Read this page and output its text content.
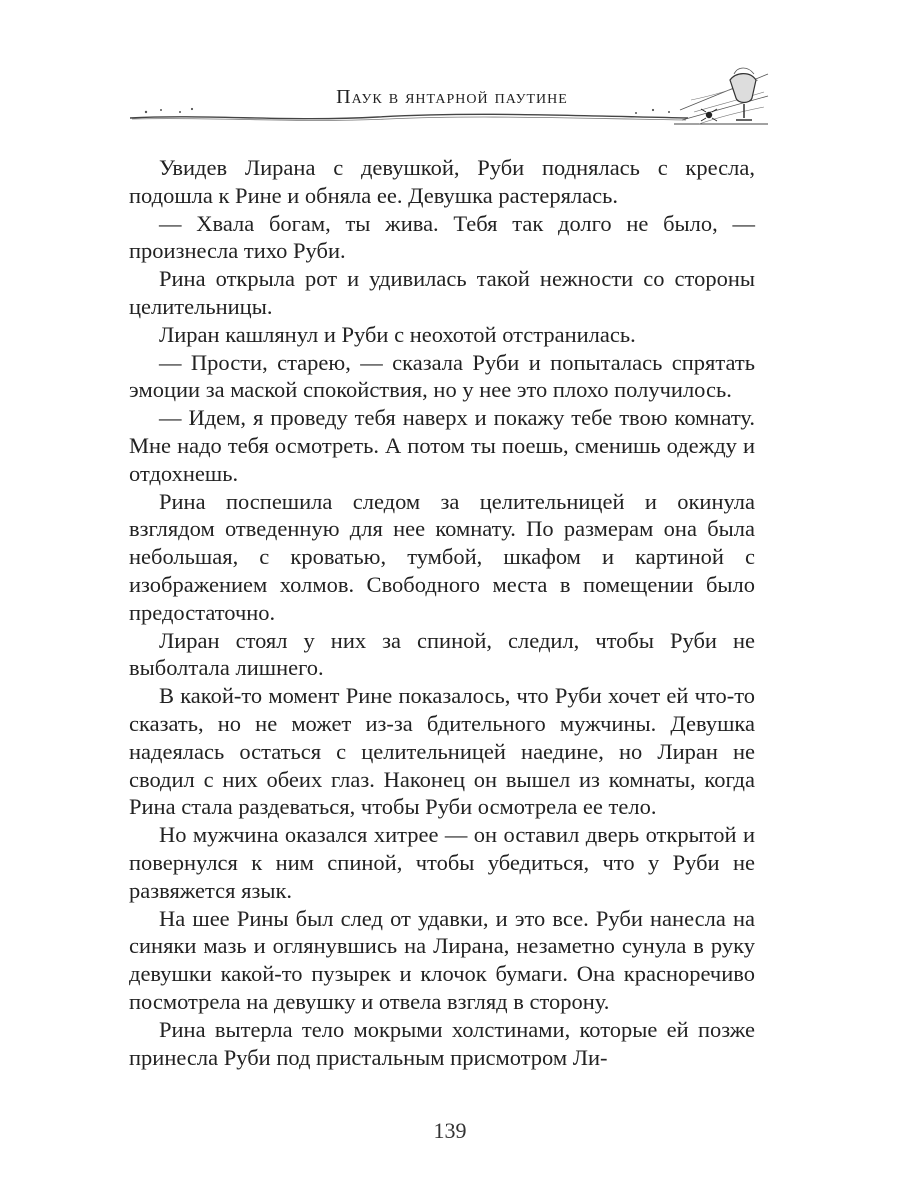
Паук в янтарной паутине

Увидев Лирана с девушкой, Руби поднялась с кресла, подошла к Рине и обняла ее. Девушка растерялась.

— Хвала богам, ты жива. Тебя так долго не было, — произнесла тихо Руби.

Рина открыла рот и удивилась такой нежности со стороны целительницы.

Лиран кашлянул и Руби с неохотой отстранилась.

— Прости, старею, — сказала Руби и попыталась спрятать эмоции за маской спокойствия, но у нее это плохо получилось.

— Идем, я проведу тебя наверх и покажу тебе твою комнату. Мне надо тебя осмотреть. А потом ты поешь, сменишь одежду и отдохнешь.

Рина поспешила следом за целительницей и окинула взглядом отведенную для нее комнату. По размерам она была небольшая, с кроватью, тумбой, шкафом и картиной с изображением холмов. Свободного места в помещении было предостаточно.

Лиран стоял у них за спиной, следил, чтобы Руби не выболтала лишнего.

В какой-то момент Рине показалось, что Руби хочет ей что-то сказать, но не может из-за бдительного мужчины. Девушка надеялась остаться с целительницей наедине, но Лиран не сводил с них обеих глаз. Наконец он вышел из комнаты, когда Рина стала раздеваться, чтобы Руби осмотрела ее тело.

Но мужчина оказался хитрее — он оставил дверь открытой и повернулся к ним спиной, чтобы убедиться, что у Руби не развяжется язык.

На шее Рины был след от удавки, и это все. Руби нанесла на синяки мазь и оглянувшись на Лирана, незаметно сунула в руку девушки какой-то пузырек и клочок бумаги. Она красноречиво посмотрела на девушку и отвела взгляд в сторону.

Рина вытерла тело мокрыми холстинами, которые ей позже принесла Руби под пристальным присмотром Ли-

139
